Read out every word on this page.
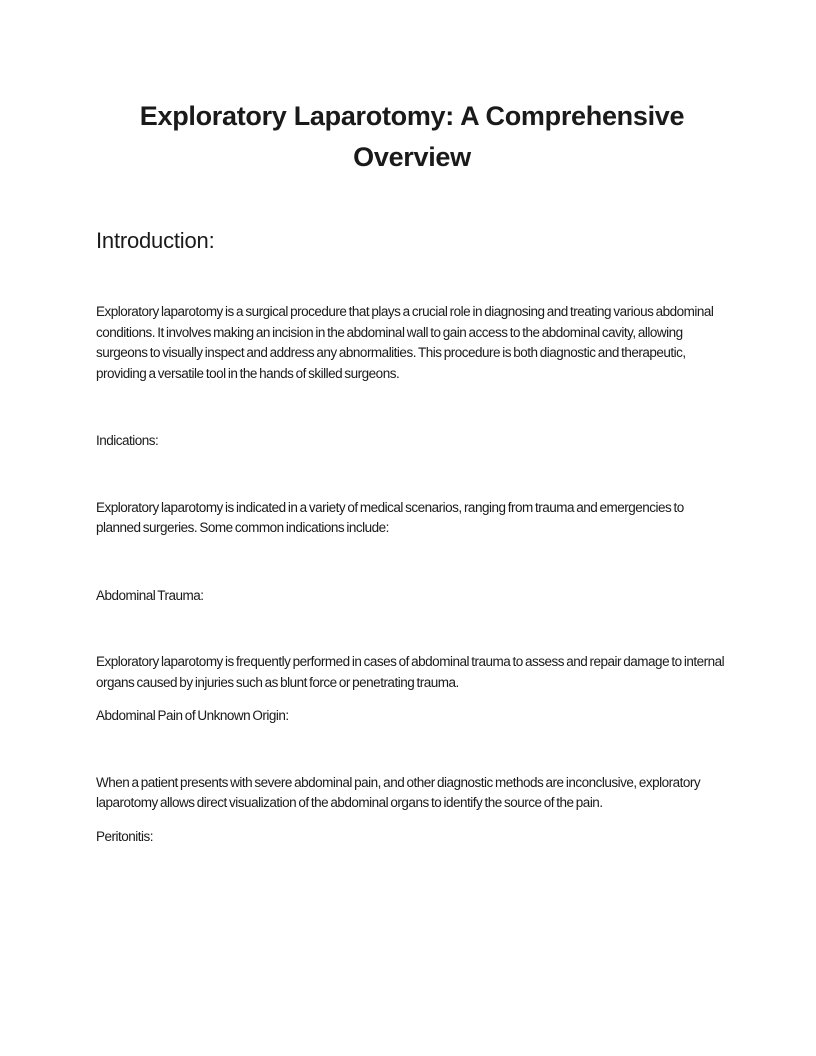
Exploratory Laparotomy: A Comprehensive Overview
Introduction:

Exploratory laparotomy is a surgical procedure that plays a crucial role in diagnosing and treating various abdominal conditions. It involves making an incision in the abdominal wall to gain access to the abdominal cavity, allowing surgeons to visually inspect and address any abnormalities. This procedure is both diagnostic and therapeutic, providing a versatile tool in the hands of skilled surgeons.

Indications:

Exploratory laparotomy is indicated in a variety of medical scenarios, ranging from trauma and emergencies to planned surgeries. Some common indications include:

Abdominal Trauma:

Exploratory laparotomy is frequently performed in cases of abdominal trauma to assess and repair damage to internal organs caused by injuries such as blunt force or penetrating trauma.

Abdominal Pain of Unknown Origin:

When a patient presents with severe abdominal pain, and other diagnostic methods are inconclusive, exploratory laparotomy allows direct visualization of the abdominal organs to identify the source of the pain.

Peritonitis:
